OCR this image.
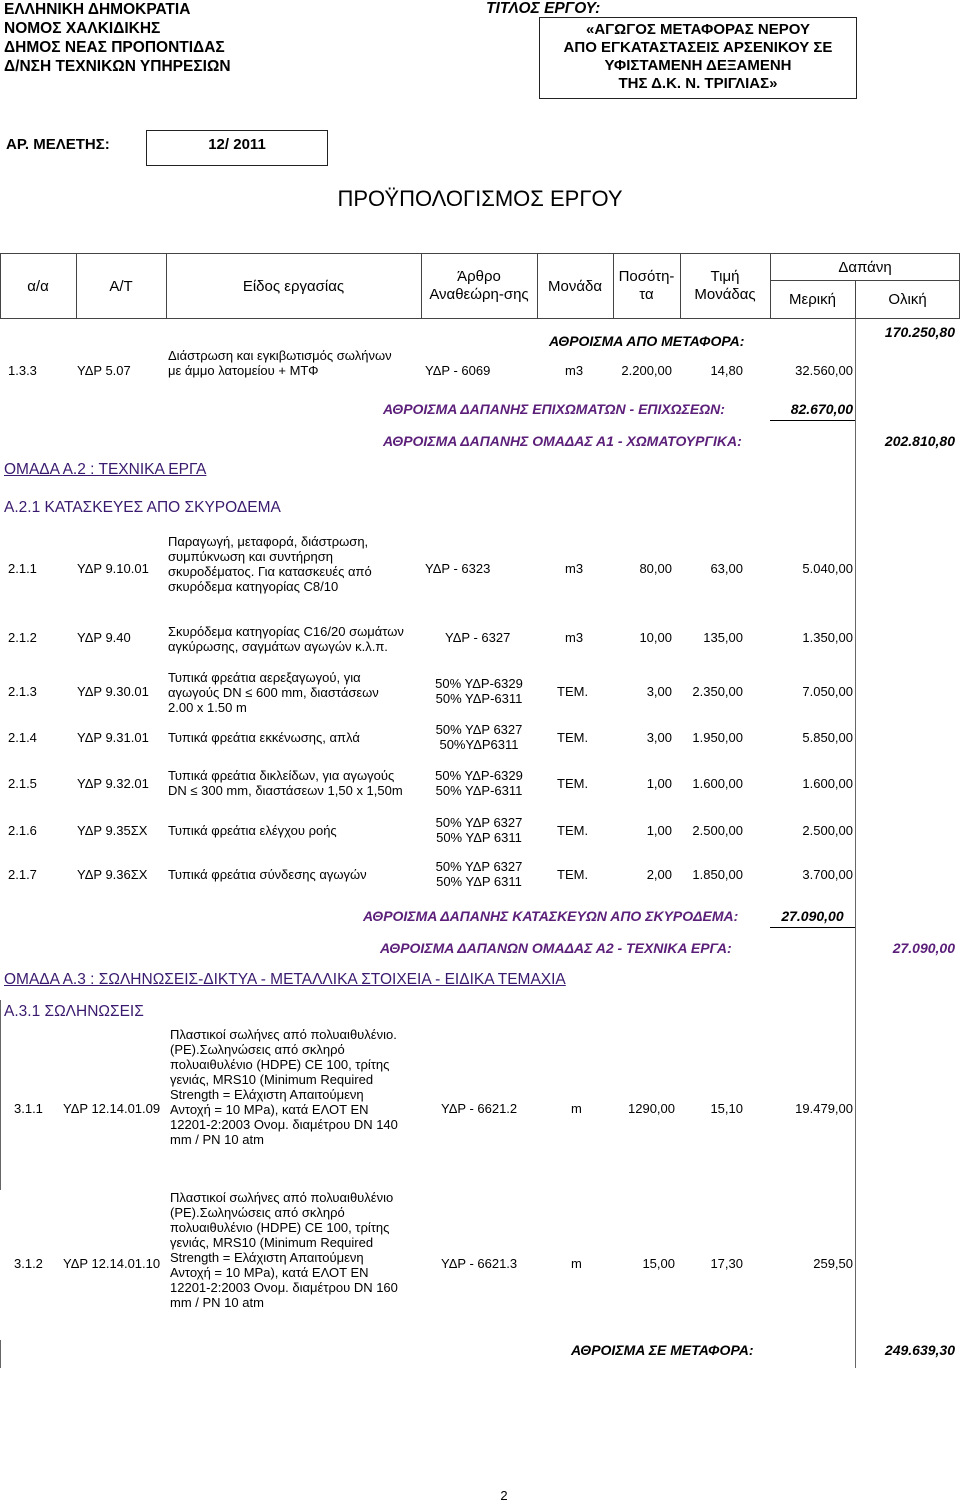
ΕΛΛΗΝΙΚΗ ΔΗΜΟΚΡΑΤΙΑ
ΝΟΜΟΣ ΧΑΛΚΙΔΙΚΗΣ
ΔΗΜΟΣ ΝΕΑΣ ΠΡΟΠΟΝΤΙΔΑΣ
Δ/ΝΣΗ ΤΕΧΝΙΚΩΝ ΥΠΗΡΕΣΙΩΝ
ΤΙΤΛΟΣ ΕΡΓΟΥ:
«ΑΓΩΓΟΣ ΜΕΤΑΦΟΡΑΣ ΝΕΡΟΥ
ΑΠΟ ΕΓΚΑΤΑΣΤΑΣΕΙΣ ΑΡΣΕΝΙΚΟΥ ΣΕ
ΥΦΙΣΤΑΜΕΝΗ ΔΕΞΑΜΕΝΗ
ΤΗΣ Δ.Κ. Ν. ΤΡΙΓΛΙΑΣ»
ΑΡ. ΜΕΛΕΤΗΣ:	12/ 2011
ΠΡΟΫΠΟΛΟΓΙΣΜΟΣ ΕΡΓΟΥ
α/α	Α/Τ	Είδος εργασίας
Άρθρο
Αναθεώρη-σης	Μονάδα
Ποσότη-
τα
Τιμή
Μονάδας
Δαπάνη
Μερική	Ολική
ΑΘΡΟΙΣΜΑ ΑΠΟ ΜΕΤΑΦΟΡΑ:
170.250,80
1.3.3	ΥΔΡ 5.07
Διάστρωση και εγκιβωτισμός σωλήνων
με άμμο λατομείου + ΜΤΦ	ΥΔΡ - 6069	m3	2.200,00	14,80	32.560,00
ΑΘΡΟΙΣΜΑ ΔΑΠΑΝΗΣ ΕΠΙΧΩΜΑΤΩΝ - ΕΠΙΧΩΣΕΩΝ:	82.670,00
ΑΘΡΟΙΣΜΑ ΔΑΠΑΝΗΣ ΟΜΑΔΑΣ Α1 - ΧΩΜΑΤΟΥΡΓΙΚΑ:	202.810,80
ΟΜΑΔΑ Α.2 : ΤΕΧΝΙΚΑ ΕΡΓΑ
Α.2.1 ΚΑΤΑΣΚΕΥΕΣ ΑΠΟ ΣΚΥΡΟΔΕΜΑ
2.1.1	ΥΔΡ 9.10.01
Παραγωγή, μεταφορά, διάστρωση,
συμπύκνωση και συντήρηση
σκυροδέματος. Για κατασκευές από
σκυρόδεμα κατηγορίας C8/10
ΥΔΡ - 6323	m3	80,00	63,00	5.040,00
2.1.2	ΥΔΡ 9.40	Σκυρόδεμα κατηγορίας C16/20 σωμάτων
αγκύρωσης, σαγμάτων αγωγών κ.λ.π.
ΥΔΡ - 6327	m3	10,00	135,00	1.350,00
2.1.3	ΥΔΡ 9.30.01
Τυπικά φρεάτια αερεξαγωγού, για
αγωγούς DN ≤ 600 mm, διαστάσεων
2.00 x 1.50 m
50% ΥΔΡ-6329
50% ΥΔΡ-6311	ΤΕΜ.	3,00	2.350,00	7.050,00
2.1.4	ΥΔΡ 9.31.01 Τυπικά φρεάτια εκκένωσης, απλά
50% ΥΔΡ 6327
50%ΥΔΡ6311	ΤΕΜ.	3,00	1.950,00	5.850,00
2.1.5	ΥΔΡ 9.32.01
Τυπικά φρεάτια δικλείδων, για αγωγούς
DN ≤ 300 mm, διαστάσεων 1,50 x 1,50m
50% ΥΔΡ-6329
50% ΥΔΡ-6311	ΤΕΜ.	1,00	1.600,00	1.600,00
2.1.6	ΥΔΡ 9.35ΣΧ Τυπικά φρεάτια ελέγχου ροής
50% ΥΔΡ 6327
50% ΥΔΡ 6311	ΤΕΜ.	1,00	2.500,00	2.500,00
2.1.7	ΥΔΡ 9.36ΣΧ Τυπικά φρεάτια σύνδεσης αγωγών
50% ΥΔΡ 6327
50% ΥΔΡ 6311	ΤΕΜ.	2,00	1.850,00	3.700,00
ΑΘΡΟΙΣΜΑ ΔΑΠΑΝΗΣ ΚΑΤΑΣΚΕΥΩΝ ΑΠΟ ΣΚΥΡΟΔΕΜΑ:	27.090,00
ΑΘΡΟΙΣΜΑ ΔΑΠΑΝΩΝ ΟΜΑΔΑΣ Α2 - ΤΕΧΝΙΚΑ ΕΡΓΑ:	27.090,00
ΟΜΑΔΑ Α.3 : ΣΩΛΗΝΩΣΕΙΣ-ΔΙΚΤΥΑ - ΜΕΤΑΛΛΙΚΑ ΣΤΟΙΧΕΙΑ - ΕΙΔΙΚΑ ΤΕΜΑΧΙΑ
Α.3.1 ΣΩΛΗΝΩΣΕΙΣ
3.1.1 ΥΔΡ 12.14.01.09
Πλαστικοί σωλήνες από πολυαιθυλένιο.
(PE).Σωληνώσεις από σκληρό
πολυαιθυλένιο (HDPE) CE 100, τρίτης
γενιάς, MRS10 (Minimum Required
Strength = Ελάχιστη Απαιτούμενη
Αντοχή = 10 MPa), κατά ΕΛΟΤ ΕΝ
12201-2:2003 Ονομ. διαμέτρου DN 140
mm / PN 10 atm
ΥΔΡ - 6621.2	m	1290,00	15,10	19.479,00
3.1.2 ΥΔΡ 12.14.01.10
Πλαστικοί σωλήνες από πολυαιθυλένιο
(PE).Σωληνώσεις από σκληρό
πολυαιθυλένιο (HDPE) CE 100, τρίτης
γενιάς, MRS10 (Minimum Required
Strength = Ελάχιστη Απαιτούμενη
Αντοχή = 10 MPa), κατά ΕΛΟΤ ΕΝ
12201-2:2003 Ονομ. διαμέτρου DN 160
mm / PN 10 atm
ΥΔΡ - 6621.3	m	15,00	17,30	259,50
ΑΘΡΟΙΣΜΑ ΣΕ ΜΕΤΑΦΟΡΑ:	249.639,30
2
